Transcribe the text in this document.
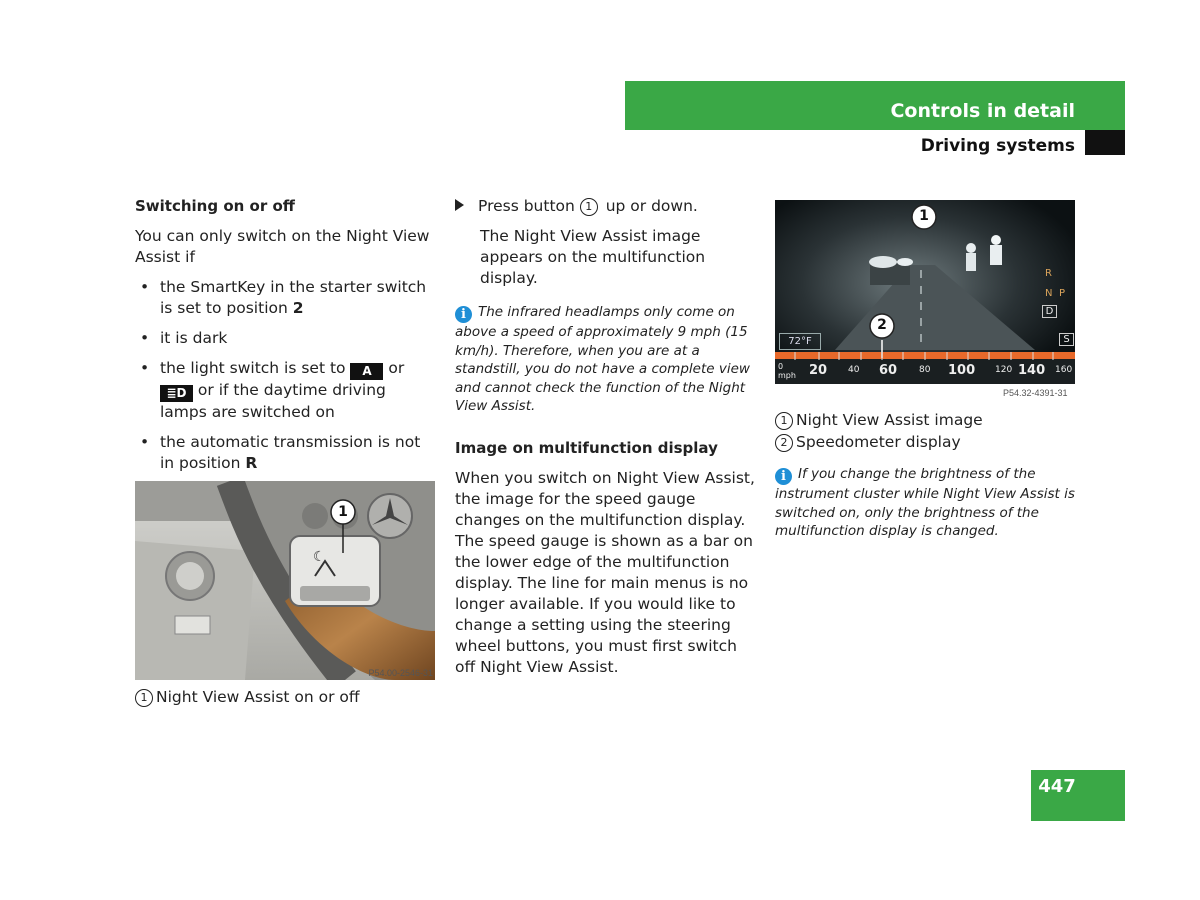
Controls in detail
Driving systems
Switching on or off

You can only switch on the Night View Assist if

• the SmartKey in the starter switch is set to position 2
• it is dark
• the light switch is set to A or ≣D or if the daytime driving lamps are switched on
• the automatic transmission is not in position R
☾
1
P54.00-2546-31
1 Night View Assist on or off

Press button 1 up or down.

The Night View Assist image appears on the multifunction display.

i The infrared headlamps only come on above a speed of approximately 9 mph (15 km/h). Therefore, when you are at a standstill, you do not have a complete view and cannot check the function of the Night View Assist.

Image on multifunction display

When you switch on Night View Assist, the image for the speed gauge changes on the multifunction display. The speed gauge is shown as a bar on the lower edge of the multifunction display. The line for main menus is no longer available. If you would like to change a setting using the steering wheel buttons, you must first switch off Night View Assist.

1
2
72°F
R
N P
D
S
0
mph 20 40 60 80 100 120 140 160
P54.32-4391-31
1 Night View Assist image
2 Speedometer display

i If you change the brightness of the instrument cluster while Night View Assist is switched on, only the brightness of the multifunction display is changed.

447
